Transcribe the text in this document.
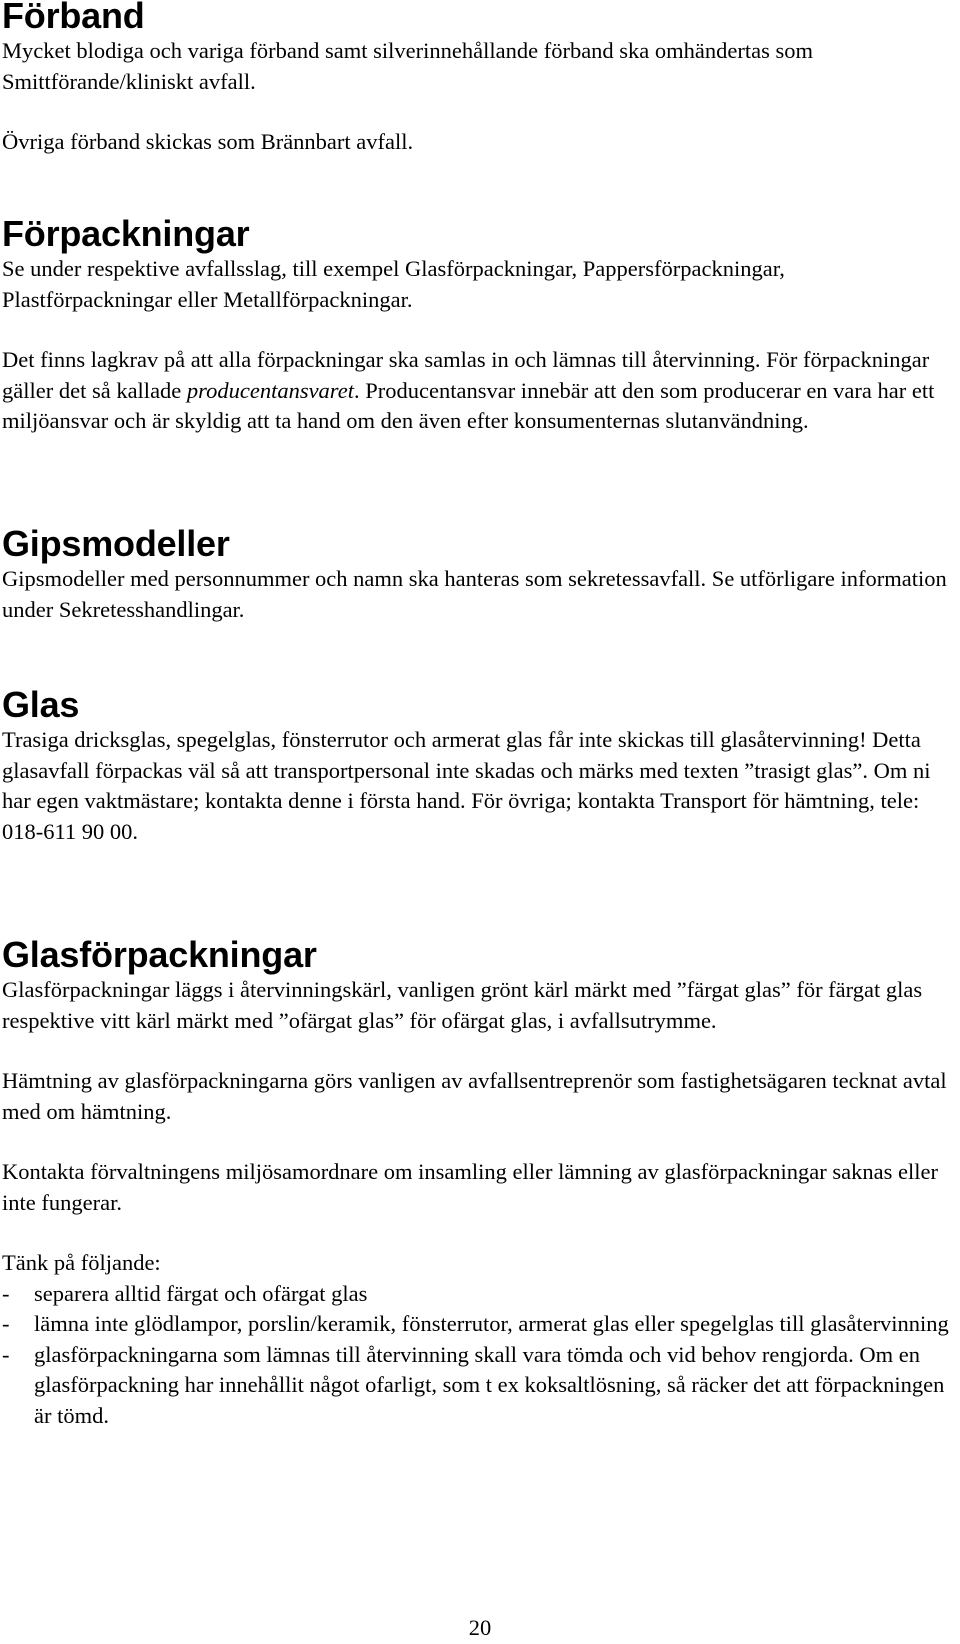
Förband

Mycket blodiga och variga förband samt silverinnehållande förband ska omhändertas som Smittförande/kliniskt avfall.

Övriga förband skickas som Brännbart avfall.

Förpackningar

Se under respektive avfallsslag, till exempel Glasförpackningar, Pappersförpackningar, Plastförpackningar eller Metallförpackningar.

Det finns lagkrav på att alla förpackningar ska samlas in och lämnas till återvinning. För förpackningar gäller det så kallade producentansvaret. Producentansvar innebär att den som producerar en vara har ett miljöansvar och är skyldig att ta hand om den även efter konsumenternas slutanvändning.

Gipsmodeller

Gipsmodeller med personnummer och namn ska hanteras som sekretessavfall. Se utförligare information under Sekretesshandlingar.

Glas

Trasiga dricksglas, spegelglas, fönsterrutor och armerat glas får inte skickas till glasåtervinning! Detta glasavfall förpackas väl så att transportpersonal inte skadas och märks med texten ”trasigt glas”. Om ni har egen vaktmästare; kontakta denne i första hand. För övriga; kontakta Transport för hämtning, tele: 018-611 90 00.

Glasförpackningar

Glasförpackningar läggs i återvinningskärl, vanligen grönt kärl märkt med ”färgat glas” för färgat glas respektive vitt kärl märkt med ”ofärgat glas” för ofärgat glas, i avfallsutrymme.

Hämtning av glasförpackningarna görs vanligen av avfallsentreprenör som fastighetsägaren tecknat avtal med om hämtning.

Kontakta förvaltningens miljösamordnare om insamling eller lämning av glasförpackningar saknas eller inte fungerar.

Tänk på följande:

- separera alltid färgat och ofärgat glas
- lämna inte glödlampor, porslin/keramik, fönsterrutor, armerat glas eller spegelglas till glasåtervinning
- glasförpackningarna som lämnas till återvinning skall vara tömda och vid behov rengjorda. Om en glasförpackning har innehållit något ofarligt, som t ex koksaltlösning, så räcker det att förpackningen är tömd.
20
